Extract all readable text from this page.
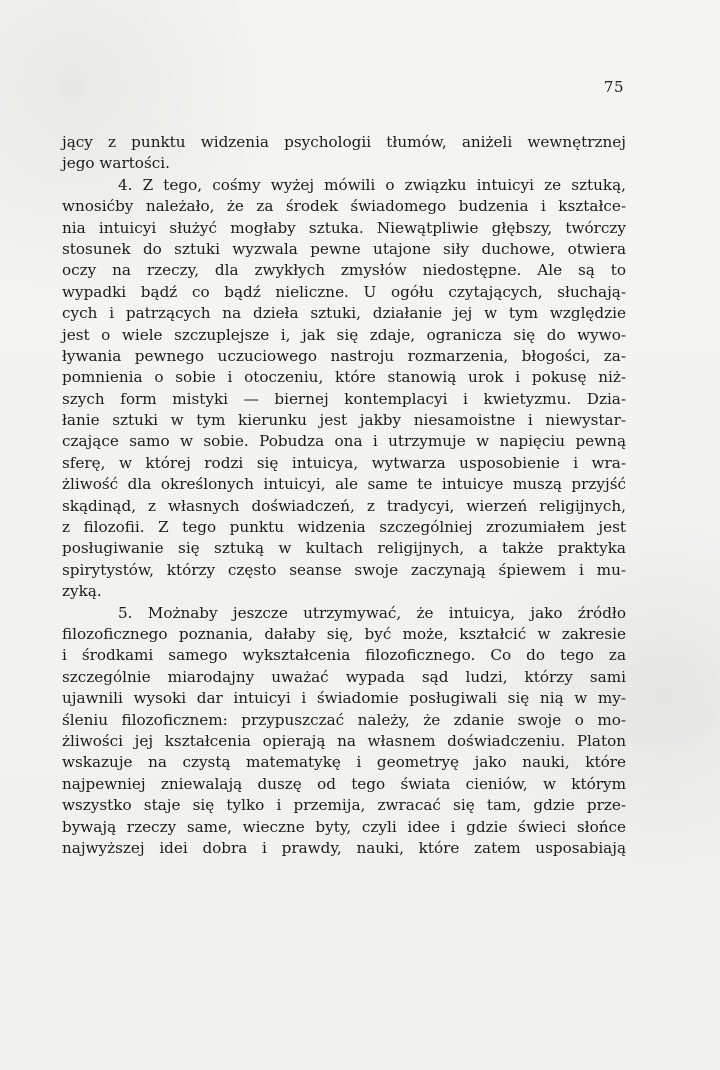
75
jący z punktu widzenia psychologii tłumów, aniżeli wewnętrznej
jego wartości.
4. Z tego, cośmy wyżej mówili o związku intuicyi ze sztuką,
wnosićby należało, że za środek świadomego budzenia i kształce-
nia intuicyi służyć mogłaby sztuka. Niewątpliwie głębszy, twórczy
stosunek do sztuki wyzwala pewne utajone siły duchowe, otwiera
oczy na rzeczy, dla zwykłych zmysłów niedostępne. Ale są to
wypadki bądź co bądź nieliczne. U ogółu czytających, słuchają-
cych i patrzących na dzieła sztuki, działanie jej w tym względzie
jest o wiele szczuplejsze i, jak się zdaje, ogranicza się do wywo-
ływania pewnego uczuciowego nastroju rozmarzenia, błogości, za-
pomnienia o sobie i otoczeniu, które stanowią urok i pokusę niż-
szych form mistyki — biernej kontemplacyi i kwietyzmu. Dzia-
łanie sztuki w tym kierunku jest jakby niesamoistne i niewystar-
czające samo w sobie. Pobudza ona i utrzymuje w napięciu pewną
sferę, w której rodzi się intuicya, wytwarza usposobienie i wra-
żliwość dla określonych intuicyi, ale same te intuicye muszą przyjść
skądinąd, z własnych doświadczeń, z tradycyi, wierzeń religijnych,
z filozofii. Z tego punktu widzenia szczególniej zrozumiałem jest
posługiwanie się sztuką w kultach religijnych, a także praktyka
spirytystów, którzy często seanse swoje zaczynają śpiewem i mu-
zyką.
5. Możnaby jeszcze utrzymywać, że intuicya, jako źródło
filozoficznego poznania, dałaby się, być może, kształcić w zakresie
i środkami samego wykształcenia filozoficznego. Co do tego za
szczególnie miarodajny uważać wypada sąd ludzi, którzy sami
ujawnili wysoki dar intuicyi i świadomie posługiwali się nią w my-
śleniu filozoficznem: przypuszczać należy, że zdanie swoje o mo-
żliwości jej kształcenia opierają na własnem doświadczeniu. Platon
wskazuje na czystą matematykę i geometryę jako nauki, które
najpewniej zniewalają duszę od tego świata cieniów, w którym
wszystko staje się tylko i przemija, zwracać się tam, gdzie prze-
bywają rzeczy same, wieczne byty, czyli idee i gdzie świeci słońce
najwyższej idei dobra i prawdy, nauki, które zatem usposabiają
